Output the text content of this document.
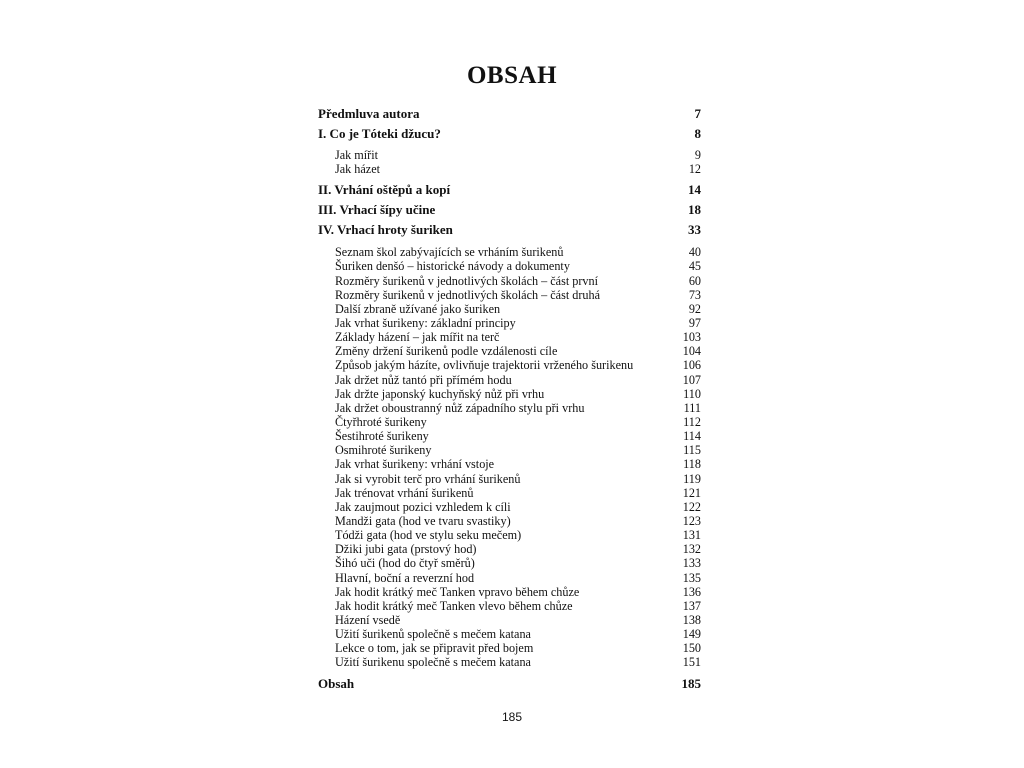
OBSAH
Předmluva autora	7
I. Co je Tóteki džucu?	8
Jak mířit	9
Jak házet	12
II. Vrhání oštěpů a kopí	14
III. Vrhací šípy učine	18
IV. Vrhací hroty šuriken	33
Seznam škol zabývajících se vrháním šurikenů	40
Šuriken denšó – historické návody a dokumenty	45
Rozměry šurikenů v jednotlivých školách – část první	60
Rozměry šurikenů v jednotlivých školách – část druhá	73
Další zbraně užívané jako šuriken	92
Jak vrhat šurikeny: základní principy	97
Základy házení – jak mířit na terč	103
Změny držení šurikenů podle vzdálenosti cíle	104
Způsob jakým házíte, ovlivňuje trajektorii vrženého šurikenu	106
Jak držet nůž tantó při přímém hodu	107
Jak držte japonský kuchyňský nůž při vrhu	110
Jak držet oboustranný nůž západního stylu při vrhu	111
Čtyřhroté šurikeny	112
Šestihroté šurikeny	114
Osmihroté šurikeny	115
Jak vrhat šurikeny: vrhání vstoje	118
Jak si vyrobit terč pro vrhání šurikenů	119
Jak trénovat vrhání šurikenů	121
Jak zaujmout pozici vzhledem k cíli	122
Mandži gata (hod ve tvaru svastiky)	123
Tódži gata (hod ve stylu seku mečem)	131
Džiki jubi gata (prstový hod)	132
Šihó uči (hod do čtyř směrů)	133
Hlavní, boční a reverzní hod	135
Jak hodit krátký meč Tanken vpravo během chůze	136
Jak hodit krátký meč Tanken vlevo během chůze	137
Házení vsedě	138
Užití šurikenů společně s mečem katana	149
Lekce o tom, jak se připravit před bojem	150
Užití šurikenu společně s mečem katana	151
Obsah	185
185
